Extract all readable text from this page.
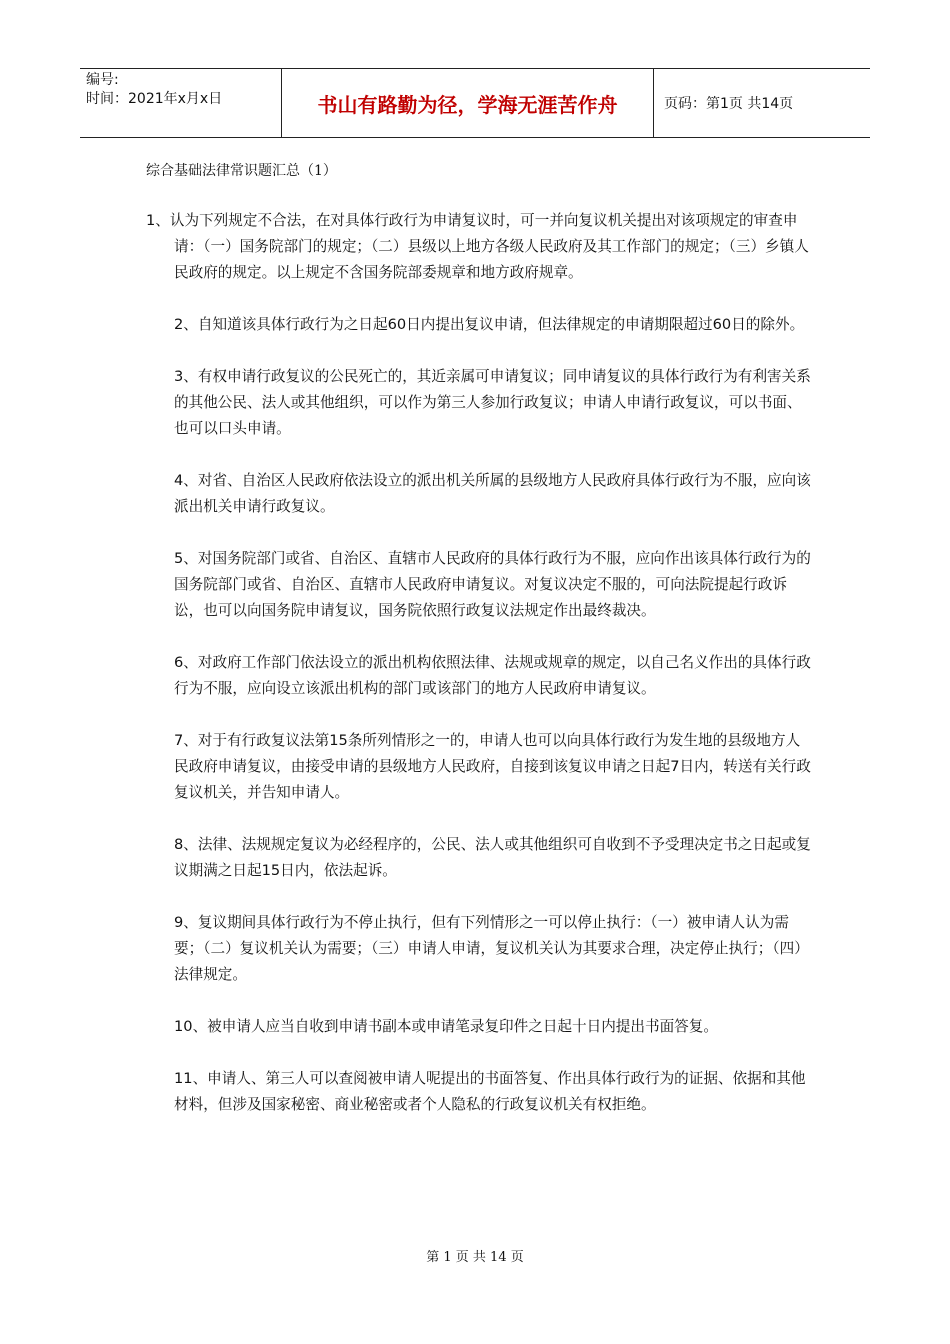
编号:
时间：2021年x月x日	书山有路勤为径，学海无涯苦作舟	页码：第1页 共14页
综合基础法律常识题汇总（1）

1、认为下列规定不合法，在对具体行政行为申请复议时，可一并向复议机关提出对该项规定的审查申请：（一）国务院部门的规定；（二）县级以上地方各级人民政府及其工作部门的规定；（三）乡镇人民政府的规定。以上规定不含国务院部委规章和地方政府规章。

2、自知道该具体行政行为之日起60日内提出复议申请，但法律规定的申请期限超过60日的除外。

3、有权申请行政复议的公民死亡的，其近亲属可申请复议；同申请复议的具体行政行为有利害关系的其他公民、法人或其他组织，可以作为第三人参加行政复议；申请人申请行政复议，可以书面、也可以口头申请。

4、对省、自治区人民政府依法设立的派出机关所属的县级地方人民政府具体行政行为不服，应向该派出机关申请行政复议。

5、对国务院部门或省、自治区、直辖市人民政府的具体行政行为不服，应向作出该具体行政行为的国务院部门或省、自治区、直辖市人民政府申请复议。对复议决定不服的，可向法院提起行政诉讼，也可以向国务院申请复议，国务院依照行政复议法规定作出最终裁决。

6、对政府工作部门依法设立的派出机构依照法律、法规或规章的规定，以自己名义作出的具体行政行为不服，应向设立该派出机构的部门或该部门的地方人民政府申请复议。

7、对于有行政复议法第15条所列情形之一的，申请人也可以向具体行政行为发生地的县级地方人民政府申请复议，由接受申请的县级地方人民政府，自接到该复议申请之日起7日内，转送有关行政复议机关，并告知申请人。

8、法律、法规规定复议为必经程序的，公民、法人或其他组织可自收到不予受理决定书之日起或复议期满之日起15日内，依法起诉。

9、复议期间具体行政行为不停止执行，但有下列情形之一可以停止执行：（一）被申请人认为需要；（二）复议机关认为需要；（三）申请人申请，复议机关认为其要求合理，决定停止执行；（四）法律规定。

10、被申请人应当自收到申请书副本或申请笔录复印件之日起十日内提出书面答复。

11、申请人、第三人可以查阅被申请人呢提出的书面答复、作出具体行政行为的证据、依据和其他材料，但涉及国家秘密、商业秘密或者个人隐私的行政复议机关有权拒绝。

第 1 页 共 14 页
